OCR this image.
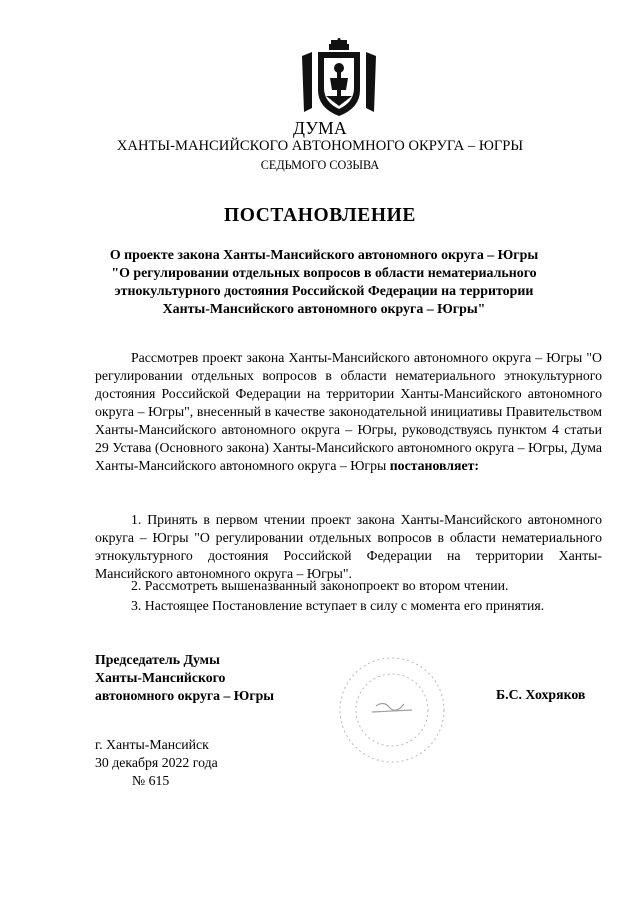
ДУМА
ХАНТЫ-МАНСИЙСКОГО АВТОНОМНОГО ОКРУГА – ЮГРЫ
СЕДЬМОГО СОЗЫВА
ПОСТАНОВЛЕНИЕ
О проекте закона Ханты-Мансийского автономного округа – Югры
"О регулировании отдельных вопросов в области нематериального
этнокультурного достояния Российской Федерации на территории
Ханты-Мансийского автономного округа – Югры"
Рассмотрев проект закона Ханты-Мансийского автономного округа – Югры "О регулировании отдельных вопросов в области нематериального этнокультурного достояния Российской Федерации на территории Ханты-Мансийского автономного округа – Югры", внесенный в качестве законодательной инициативы Правительством Ханты-Мансийского автономного округа – Югры, руководствуясь пунктом 4 статьи 29 Устава (Основного закона) Ханты-Мансийского автономного округа – Югры, Дума Ханты-Мансийского автономного округа – Югры постановляет:
1. Принять в первом чтении проект закона Ханты-Мансийского автономного округа – Югры "О регулировании отдельных вопросов в области нематериального этнокультурного достояния Российской Федерации на территории Ханты-Мансийского автономного округа – Югры".
2. Рассмотреть вышеназванный законопроект во втором чтении.
3. Настоящее Постановление вступает в силу с момента его принятия.
Председатель Думы
Ханты-Мансийского
автономного округа – Югры	Б.С. Хохряков
г. Ханты-Мансийск
30 декабря 2022 года
№ 615
